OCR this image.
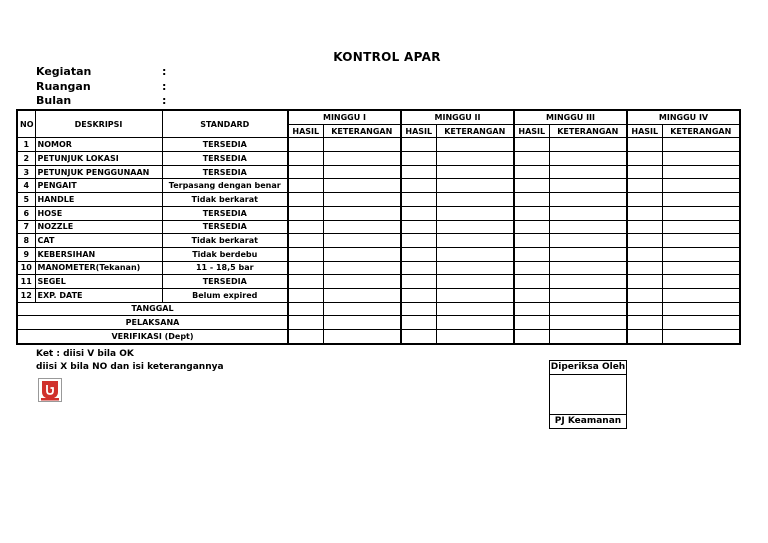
KONTROL APAR
Kegiatan	:
Ruangan	:
Bulan	:
NO	DESKRIPSI	STANDARD	MINGGU I		MINGGU II		MINGGU III		MINGGU IV	
			HASIL	KETERANGAN	HASIL	KETERANGAN	HASIL	KETERANGAN	HASIL	KETERANGAN
1	NOMOR	TERSEDIA								
2	PETUNJUK LOKASI	TERSEDIA								
3	PETUNJUK PENGGUNAAN	TERSEDIA								
4	PENGAIT	Terpasang dengan benar								
5	HANDLE	Tidak berkarat								
6	HOSE	TERSEDIA								
7	NOZZLE	TERSEDIA								
8	CAT	Tidak berkarat								
9	KEBERSIHAN	Tidak berdebu								
10	MANOMETER(Tekanan)	11 - 18,5 bar								
11	SEGEL	TERSEDIA								
12	EXP. DATE	Belum expired								
TANGGAL										
PELAKSANA										
VERIFIKASI (Dept)										
Ket : diisi V bila OK
diisi X bila NO dan isi keterangannya	Diperiksa Oleh
PJ Keamanan
